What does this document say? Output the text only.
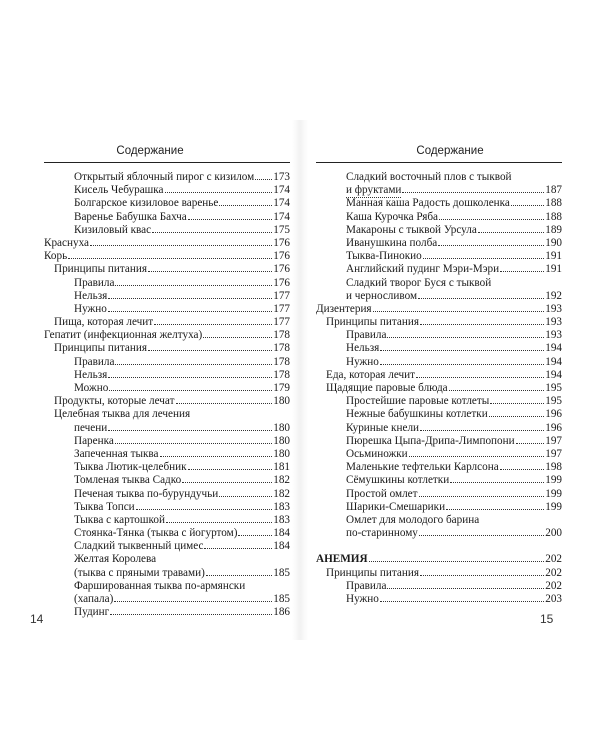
Содержание
Открытый яблочный пирог с кизилом 173
Кисель Чебурашка	174
Болгарское кизиловое варенье	174
Варенье Бабушка Бахча	174
Кизиловый квас	175
Краснуха	176
Корь	176
Принципы питания	176
Правила	176
Нельзя	177
Нужно	177
Пища, которая лечит	177
Гепатит (инфекционная желтуха)	178
Принципы питания	178
Правила	178
Нельзя	178
Можно	179
Продукты, которые лечат	180
Целебная тыква для лечения
печени	180
Паренка	180
Запеченная тыква	180
Тыква Лютик-целебник	181
Томленая тыква Садко	182
Печеная тыква по-бурундучьи	182
Тыква Топси	183
Тыква с картошкой	183
Стоянка-Тянка (тыква с йогуртом)	184
Сладкий тыквенный цимес	184
Желтая Королева
(тыква с пряными травами)	185
Фаршированная тыква по-армянски
(хапала)	185
Пудинг	186
14
Содержание
Сладкий восточный плов с тыквой
и фруктами	187
Манная каша Радость дошколенка	188
Каша Курочка Ряба	188
Макароны с тыквой Урсула	189
Иванушкина полба	190
Тыква-Пинокио	191
Английский пудинг Мэри-Мэри	191
Сладкий творог Буся с тыквой
и черносливом	192
Дизентерия	193
Принципы питания	193
Правила	193
Нельзя	194
Нужно	194
Еда, которая лечит	194
Щадящие паровые блюда	195
Простейшие паровые котлеты	195
Нежные бабушкины котлетки	196
Куриные кнели	196
Пюрешка Цыпа-Дрипа-Лимпопони	197
Осьминожки	197
Маленькие тефтельки Карлсона	198
Сёмушкины котлетки	199
Простой омлет	199
Шарики-Смешарики	199
Омлет для молодого барина
по-старинному	200
АНЕМИЯ	202
Принципы питания	202
Правила	202
Нужно	203
15
